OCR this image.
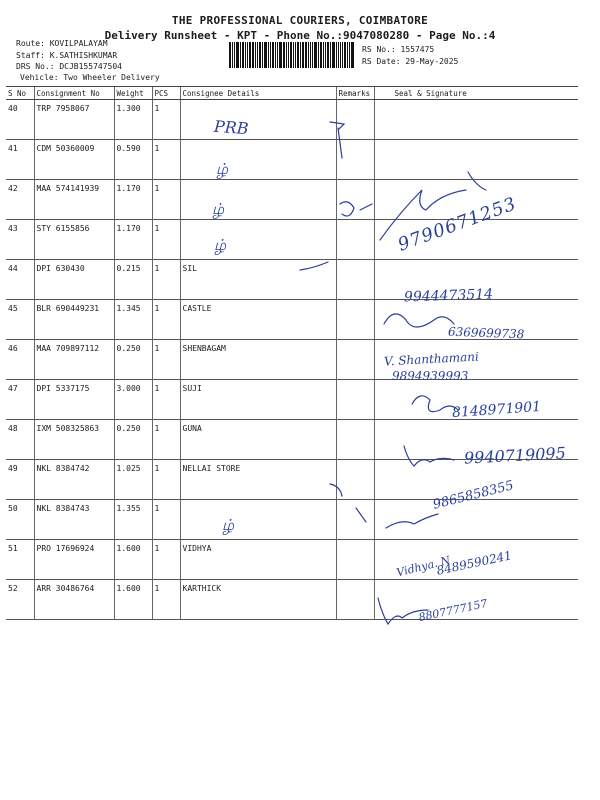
THE PROFESSIONAL COURIERS, COIMBATORE
Delivery Runsheet - KPT - Phone No.:9047080280 - Page No.:4
Route: KOVILPALAYAM
Staff: K.SATHISHKUMAR
DRS No.: DCJB155747504
Vehicle: Two Wheeler Delivery
RS No.: 1557475
RS Date: 29-May-2025
S No	Consignment No	Weight	PCS	Consignee Details	Remarks	Seal & Signature
40	TRP 7958067	1.300	1			
41	CDM 50360009	0.590	1			
42	MAA 574141939	1.170	1			
43	STY 6155856	1.170	1			
44	DPI 630430	0.215	1	SIL		
45	BLR 690449231	1.345	1	CASTLE		
46	MAA 709897112	0.250	1	SHENBAGAM		
47	DPI 5337175	3.000	1	SUJI		
48	IXM 508325863	0.250	1	GUNA		
49	NKL 8384742	1.025	1	NELLAI STORE		
50	NKL 8384743	1.355	1			
51	PRO 17696924	1.600	1	VIDHYA		
52	ARR 30486764	1.600	1	KARTHICK		
PRB
ழ்
ழ்
ழ்
ழ்
9790671253
9944473514
6369699738
V. Shanthamani
9894939993
8148971901
9940719095
9865858355
Vidhya. N
8489590241
8807777157
